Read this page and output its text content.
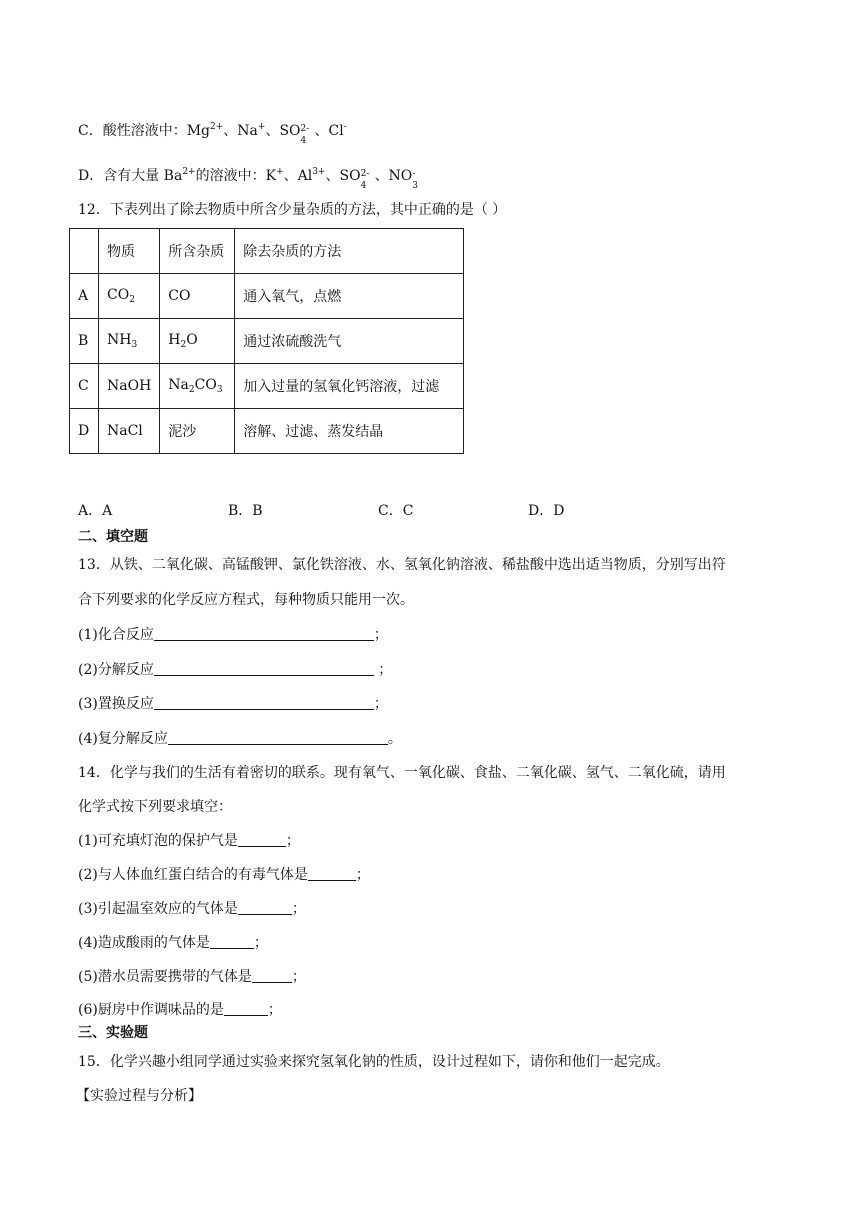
C．酸性溶液中：$Mg^{2+}$、Na+、SO 2-
4
、Cl-
D．含有大量 $Ba^{2+}$的溶液中：K+、$Al^{3+}$、SO 2-
4
、NO -
3
12．下表列出了除去物质中所含少量杂质的方法，其中正确的是（ ）
	物质	所含杂质	除去杂质的方法
A	$CO_2$	CO	通入氧气，点燃
B	$NH_3$	$H_2O$	通过浓硫酸洗气
C	NaOH	$Na_2CO_3$	加入过量的氢氧化钙溶液，过滤
D	NaCl	泥沙	溶解、过滤、蒸发结晶
A．A	B．B	C．C	D．D
二、填空题
13．从铁、二氧化碳、高锰酸钾、氯化铁溶液、水、氢氧化钠溶液、稀盐酸中选出适当物质，分别写出符
合下列要求的化学反应方程式，每种物质只能用一次。
(1)化合反应	；
(2)分解反应	；
(3)置换反应	；
(4)复分解反应	。
14．化学与我们的生活有着密切的联系。现有氧气、一氧化碳、食盐、二氧化碳、氢气、二氧化硫，请用
化学式按下列要求填空：
(1)可充填灯泡的保护气是	；
(2)与人体血红蛋白结合的有毒气体是	；
(3)引起温室效应的气体是	；
(4)造成酸雨的气体是	；
(5)潜水员需要携带的气体是	；
(6)厨房中作调味品的是	；
三、实验题
15．化学兴趣小组同学通过实验来探究氢氧化钠的性质，设计过程如下，请你和他们一起完成。
【实验过程与分析】
